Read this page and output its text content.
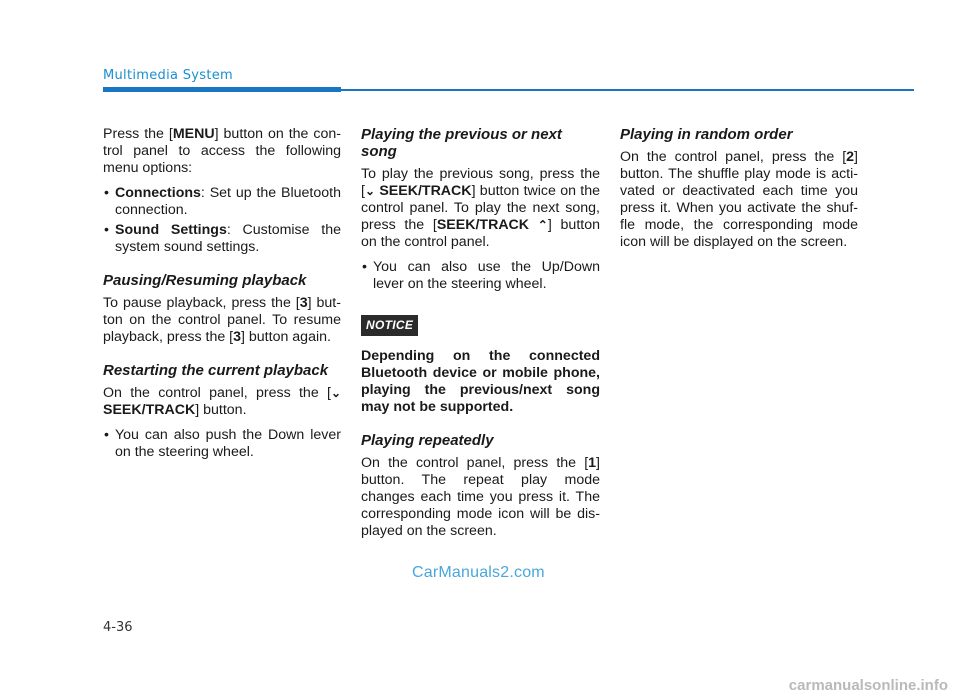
Multimedia System

Press the [MENU] button on the con-trol panel to access the following menu options:

• Connections: Set up the Bluetooth connection.
• Sound Settings: Customise the system sound settings.
Pausing/Resuming playback

To pause playback, press the [3] but-ton on the control panel. To resume playback, press the [3] button again.

Restarting the current playback

On the control panel, press the [⌄ SEEK/TRACK] button.

• You can also push the Down lever on the steering wheel.
Playing the previous or next song

To play the previous song, press the [⌄ SEEK/TRACK] button twice on the control panel. To play the next song, press the [SEEK/TRACK ⌃] button on the control panel.

• You can also use the Up/Down lever on the steering wheel.
NOTICE

Depending on the connected Bluetooth device or mobile phone, playing the previous/next song may not be supported.

Playing repeatedly

On the control panel, press the [1] button. The repeat play mode changes each time you press it. The corresponding mode icon will be dis-played on the screen.

Playing in random order

On the control panel, press the [2] button. The shuffle play mode is acti-vated or deactivated each time you press it. When you activate the shuf-fle mode, the corresponding mode icon will be displayed on the screen.

CarManuals2.com
4-36
carmanualsonline.info
